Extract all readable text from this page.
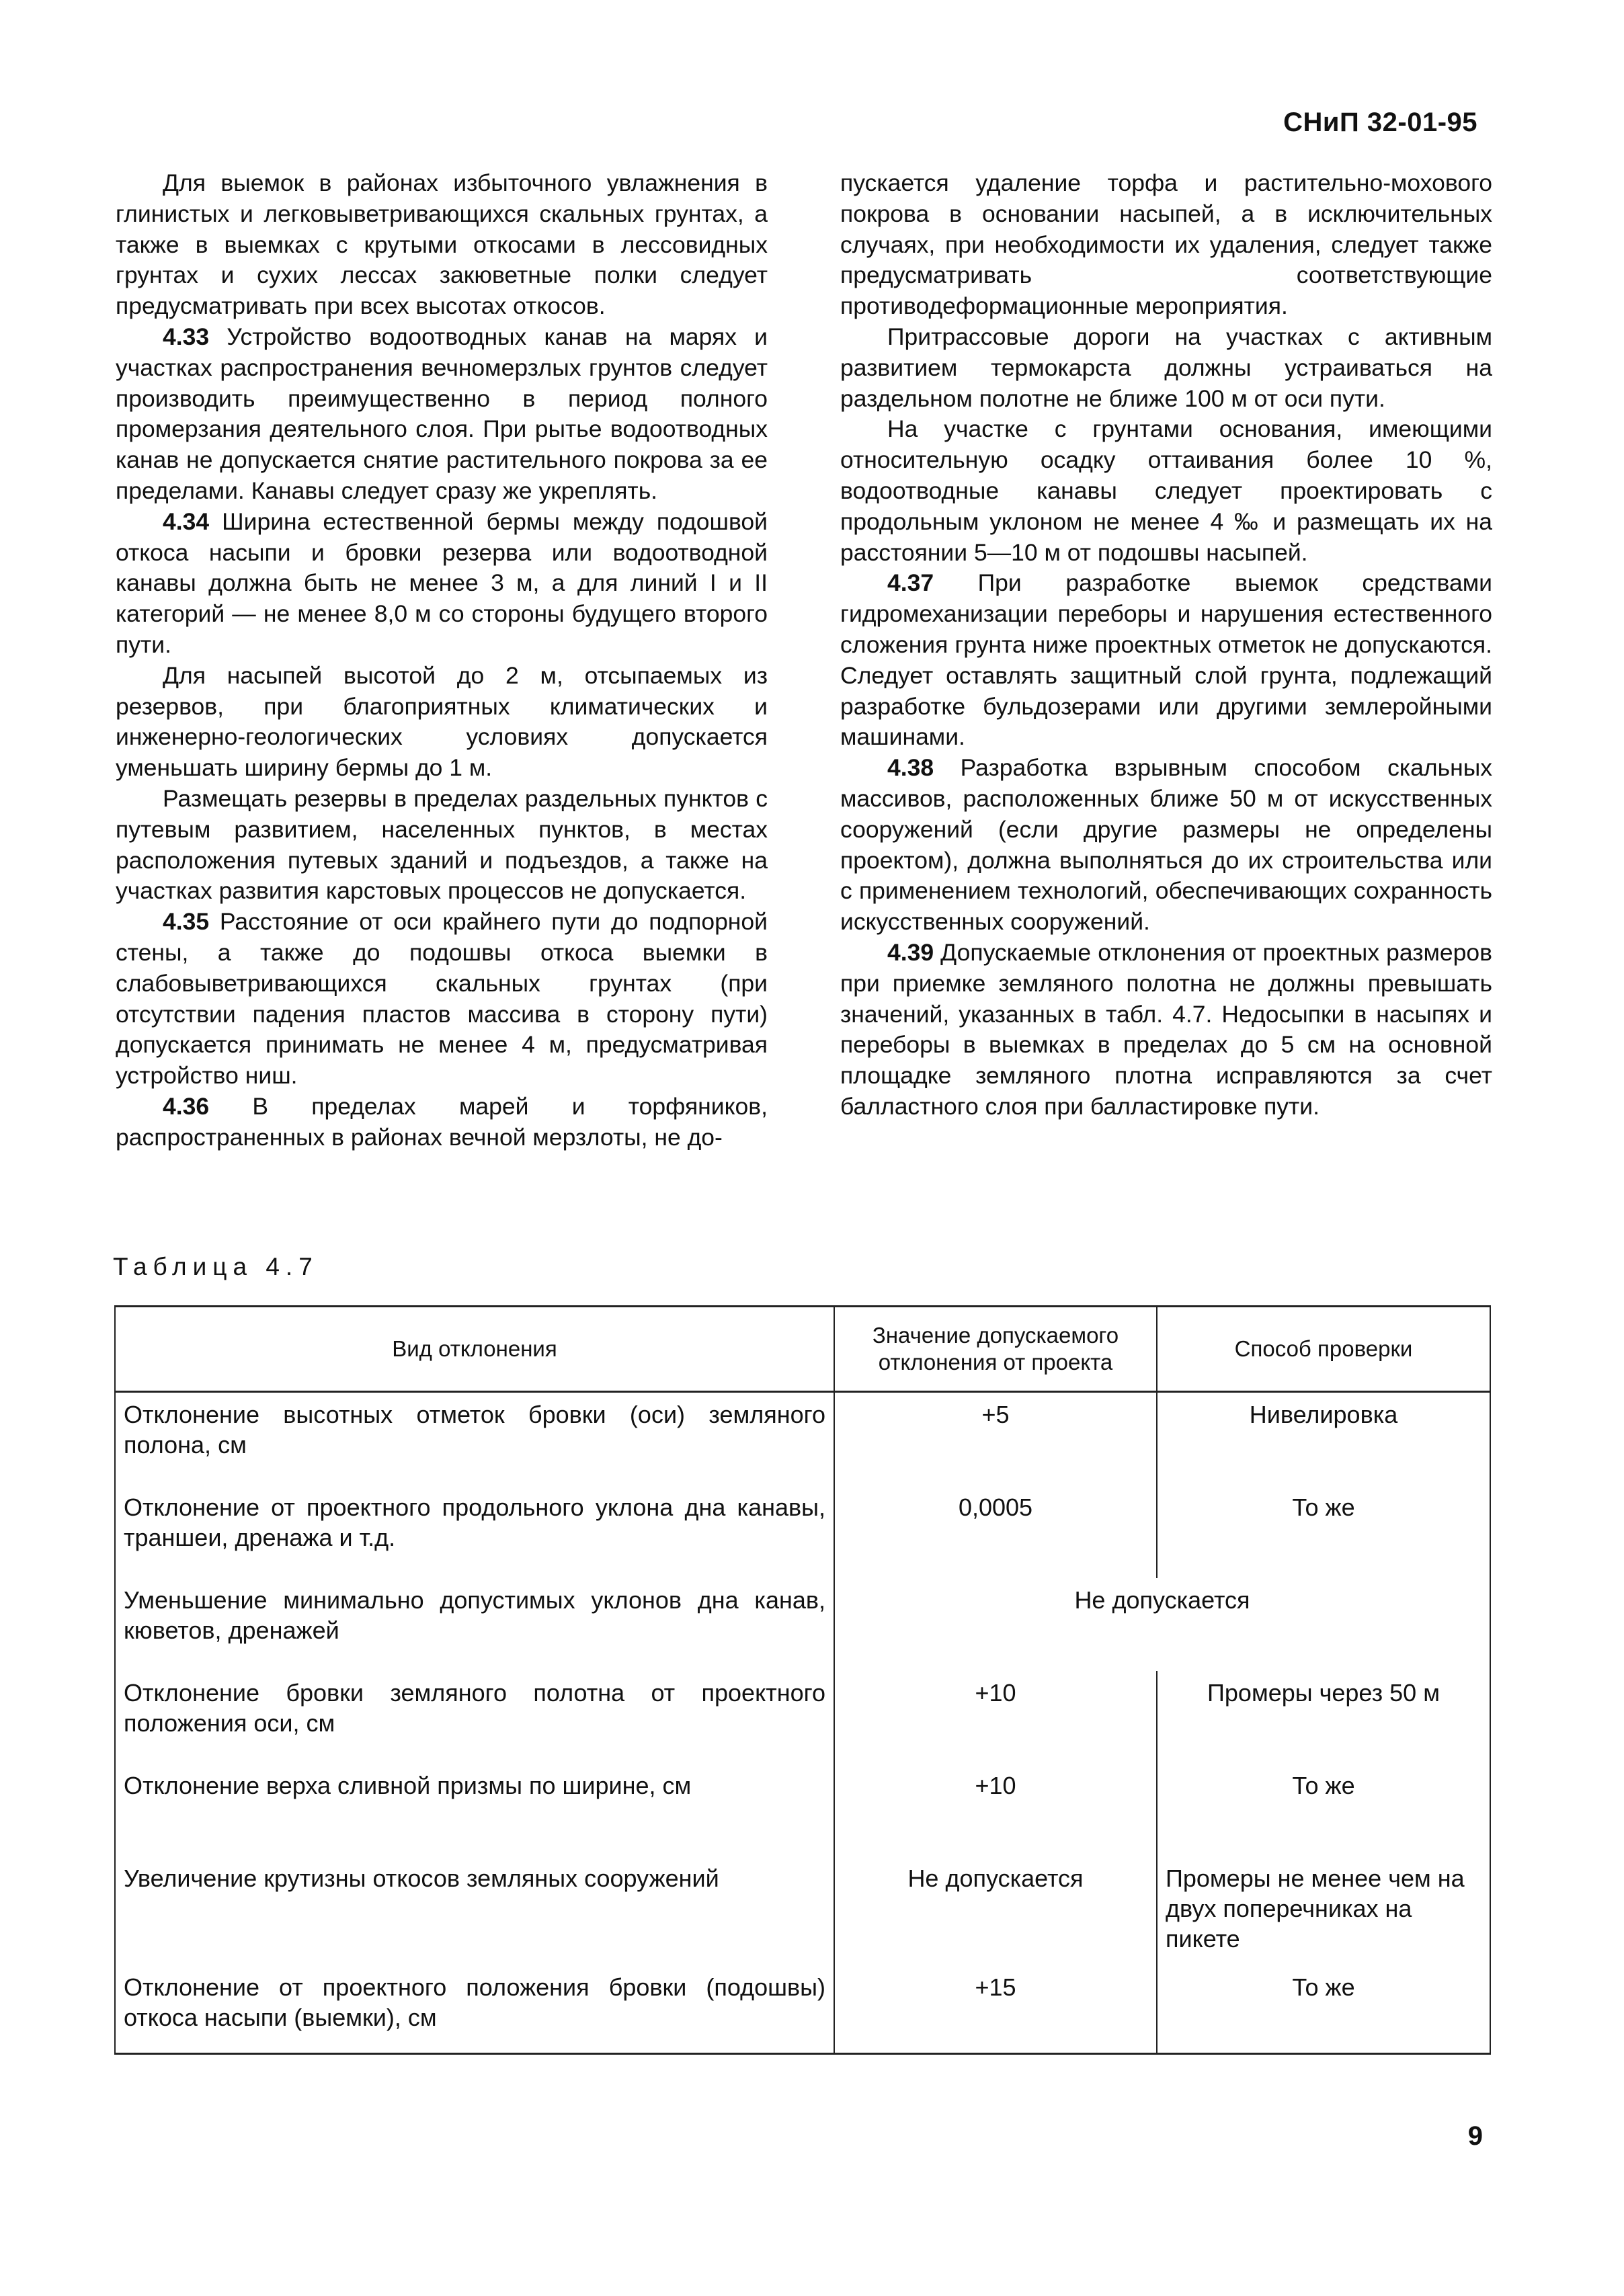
СНиП 32-01-95

Для выемок в районах избыточного увлажнения в глинистых и легковыветривающихся скальных грунтах, а также в выемках с крутыми откосами в лессовидных грунтах и сухих лессах закюветные полки следует предусматривать при всех высотах откосов.

4.33 Устройство водоотводных канав на марях и участках распространения вечномерзлых грунтов следует производить преимущественно в период полного промерзания деятельного слоя. При рытье водоотводных канав не допускается снятие растительного покрова за ее пределами. Канавы следует сразу же укреплять.

4.34 Ширина естественной бермы между подошвой откоса насыпи и бровки резерва или водоотводной канавы должна быть не менее 3 м, а для линий I и II категорий — не менее 8,0 м со стороны будущего второго пути.

Для насыпей высотой до 2 м, отсыпаемых из резервов, при благоприятных климатических и инженерно-геологических условиях допускается уменьшать ширину бермы до 1 м.

Размещать резервы в пределах раздельных пунктов с путевым развитием, населенных пунктов, в местах расположения путевых зданий и подъездов, а также на участках развития карстовых процессов не допускается.

4.35 Расстояние от оси крайнего пути до подпорной стены, а также до подошвы откоса выемки в слабовыветривающихся скальных грунтах (при отсутствии падения пластов массива в сторону пути) допускается принимать не менее 4 м, предусматривая устройство ниш.

4.36 В пределах марей и торфяников, распространенных в районах вечной мерзлоты, не до-

пускается удаление торфа и растительно-мохового покрова в основании насыпей, а в исключительных случаях, при необходимости их удаления, следует также предусматривать соответствующие противодеформационные мероприятия.

Притрассовые дороги на участках с активным развитием термокарста должны устраиваться на раздельном полотне не ближе 100 м от оси пути.

На участке с грунтами основания, имеющими относительную осадку оттаивания более 10 %, водоотводные канавы следует проектировать с продольным уклоном не менее 4 ‰ и размещать их на расстоянии 5—10 м от подошвы насыпей.

4.37 При разработке выемок средствами гидромеханизации переборы и нарушения естественного сложения грунта ниже проектных отметок не допускаются. Следует оставлять защитный слой грунта, подлежащий разработке бульдозерами или другими землеройными машинами.

4.38 Разработка взрывным способом скальных массивов, расположенных ближе 50 м от искусственных сооружений (если другие размеры не определены проектом), должна выполняться до их строительства или с применением технологий, обеспечивающих сохранность искусственных сооружений.

4.39 Допускаемые отклонения от проектных размеров при приемке земляного полотна не должны превышать значений, указанных в табл. 4.7. Недосыпки в насыпях и переборы в выемках в пределах до 5 см на основной площадке земляного плотна исправляются за счет балластного слоя при балластировке пути.

Таблица 4.7
Вид отклонения	Значение допускаемого отклонения от проекта	Способ проверки
Отклонение высотных отметок бровки (оси) земляного полона, см	+5	Нивелировка
Отклонение от проектного продольного уклона дна канавы, траншеи, дренажа и т.д.	0,0005	То же
Уменьшение минимально допустимых уклонов дна канав, кюветов, дренажей	Не допускается	
Отклонение бровки земляного полотна от проектного положения оси, см	+10	Промеры через 50 м
Отклонение верха сливной призмы по ширине, см	+10	То же
Увеличение крутизны откосов земляных сооружений	Не допускается	Промеры не менее чем на двух поперечниках на пикете
Отклонение от проектного положения бровки (подошвы) откоса насыпи (выемки), см	+15	То же
9
